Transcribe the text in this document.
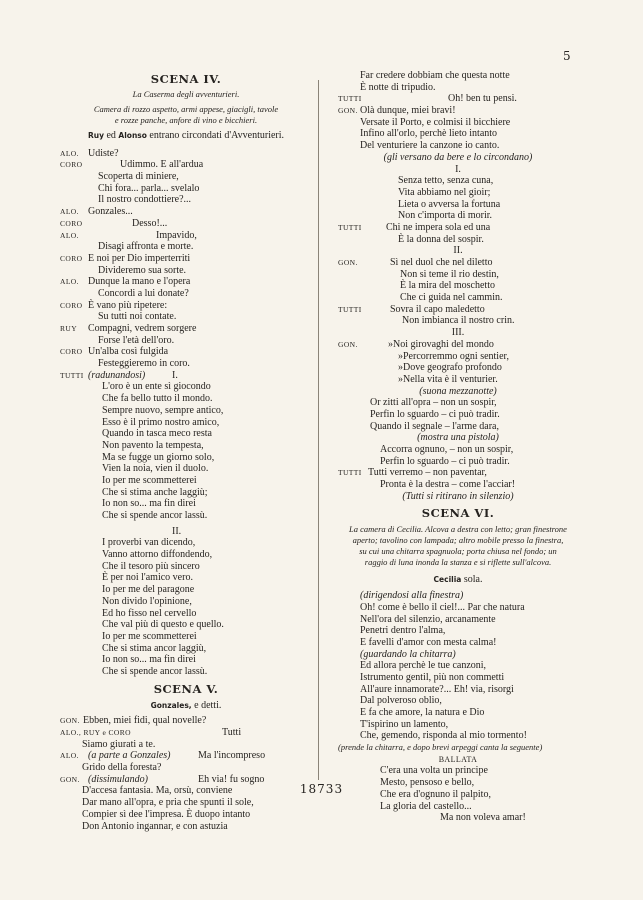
5
SCENA IV.
La Caserma degli avventurieri.
Camera di rozzo aspetto, armi appese, giacigli, tavole
e rozze panche, anfore di vino e bicchieri.
Ruy ed Alonso entrano circondati d'Avventurieri.
ALO. Udiste?
CORO	Udimmo. E all'ardua
Scoperta di miniere,
Chi fora... parla... svelalo
Il nostro condottiere?...
ALO. Gonzales...
CORO	Desso!...
ALO.	Impavido,
Disagi affronta e morte.
CORO E noi per Dio imperterriti
Divideremo sua sorte.
ALO. Dunque la mano e l'opera
Concordi a lui donate?
CORO È vano più ripetere:
Su tutti noi contate.
RUY Compagni, vedrem sorgere
Forse l'età dell'oro.
CORO Un'alba così fulgida
Festeggieremo in coro.
TUTTI (radunandosi)	I.
L'oro è un ente sì giocondo
Che fa bello tutto il mondo.
Sempre nuovo, sempre antico,
Esso è il primo nostro amico,
Quando in tasca meco resta
Non pavento la tempesta,
Ma se fugge un giorno solo,
Vien la noia, vien il duolo.
Io per me scommetterei
Che si stima anche laggiù;
Io non so... ma fin direi
Che si spende ancor lassù.
II.
I proverbi van dicendo,
Vanno attorno diffondendo,
Che il tesoro più sincero
È per noi l'amico vero.
Io per me del paragone
Non divido l'opinione,
Ed ho fisso nel cervello
Che val più di questo e quello.
Io per me scommetterei
Che si stima ancor laggiù,
Io non so... ma fin direi
Che si spende ancor lassù.
SCENA V.
Gonzales, e detti.
GON. Ebben, miei fidi, qual novelle?
ALO., RUY e CORO	Tutti
Siamo giurati a te.
ALO. (a parte a Gonzales)	Ma l'incompreso
Grido della foresta?
GON. (dissimulando)	Eh via! fu sogno
D'accesa fantasia. Ma, orsù, conviene
Dar mano all'opra, e pria che spunti il sole,
Compier sì dee l'impresa. È duopo intanto
Don Antonio ingannar, e con astuzia
Far credere dobbiam che questa notte
È notte di tripudio.
TUTTI	Oh! ben tu pensi.
GON. Olà dunque, miei bravi!
Versate il Porto, e colmisi il bicchiere
Infino all'orlo, perchè lieto intanto
Del venturiere la canzone io canto.
(gli versano da bere e lo circondano)
I.
Senza tetto, senza cuna,
Vita abbiamo nel gioir;
Lieta o avversa la fortuna
Non c'importa di morir.
TUTTI Chi ne impera sola ed una
È la donna del sospir.
II.
GON.	Sì nel duol che nel diletto
Non si teme il rio destin,
È la mira del moschetto
Che ci guida nel cammin.
TUTTI	Sovra il capo maledetto
Non imbianca il nostro crin.
III.
GON.	»Noi girovaghi del mondo
»Percorremmo ogni sentier,
»Dove geografo profondo
»Nella vita è il venturier.
(suona mezzanotte)
Or zitti all'opra – non un sospir,
Perfin lo sguardo – ci può tradir.
Quando il segnale – l'arme dara,
(mostra una pistola)
Accorra ognuno, – non un sospir,
Perfin lo sguardo – ci può tradir.
TUTTI Tutti verremo – non paventar,
Pronta è la destra – come l'acciar!
(Tutti si ritirano in silenzio)
SCENA VI.
La camera di Cecilia. Alcova a destra con letto; gran finestrone
aperto; tavolino con lampada; altro mobile presso la finestra,
su cui una chitarra spagnuola; porta chiusa nel fondo; un
raggio di luna inonda la stanza e si riflette sull'alcova.
Cecilia sola.
(dirigendosi alla finestra)
Oh! come è bello il ciel!... Par che natura
Nell'ora del silenzio, arcanamente
Penetri dentro l'alma,
E favelli d'amor con mesta calma!
(guardando la chitarra)
Ed allora perchè le tue canzoni,
Istrumento gentil, più non commetti
All'aure innamorate?... Eh! via, risorgi
Dal polveroso oblio,
E fa che amore, la natura e Dio
T'ispirino un lamento,
Che, gemendo, risponda al mio tormento!
(prende la chitarra, e dopo brevi arpeggi canta la seguente)
BALLATA
C'era una volta un principe
Mesto, pensoso e bello,
Che era d'ognuno il palpito,
La gloria del castello...
Ma non voleva amar!
18733
